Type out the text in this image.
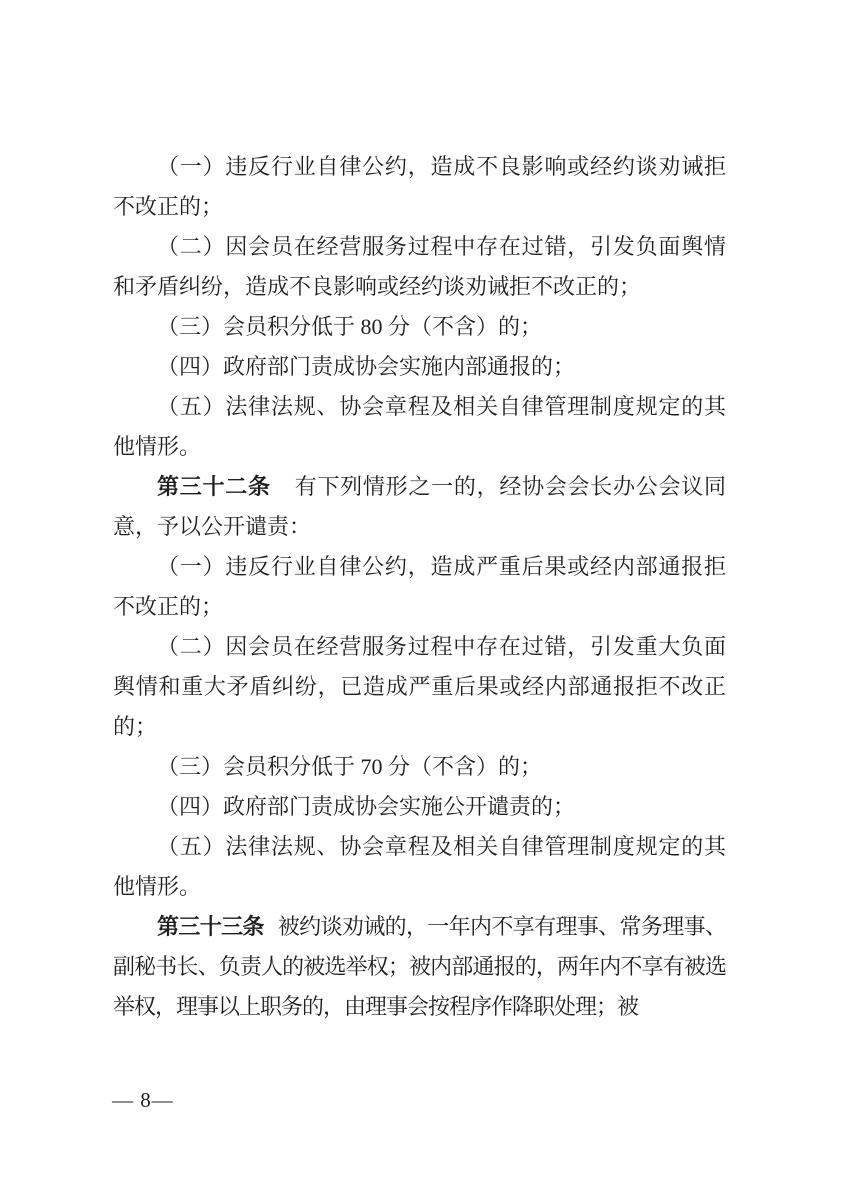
（一）违反行业自律公约，造成不良影响或经约谈劝诫拒不改正的；

（二）因会员在经营服务过程中存在过错，引发负面舆情和矛盾纠纷，造成不良影响或经约谈劝诫拒不改正的；

（三）会员积分低于 80 分（不含）的；

（四）政府部门责成协会实施内部通报的；

（五）法律法规、协会章程及相关自律管理制度规定的其他情形。

第三十二条 有下列情形之一的，经协会会长办公会议同意，予以公开谴责：

（一）违反行业自律公约，造成严重后果或经内部通报拒不改正的；

（二）因会员在经营服务过程中存在过错，引发重大负面舆情和重大矛盾纠纷，已造成严重后果或经内部通报拒不改正的；

（三）会员积分低于 70 分（不含）的；

（四）政府部门责成协会实施公开谴责的；

（五）法律法规、协会章程及相关自律管理制度规定的其他情形。

第三十三条 被约谈劝诫的，一年内不享有理事、常务理事、副秘书长、负责人的被选举权；被内部通报的，两年内不享有被选举权，理事以上职务的，由理事会按程序作降职处理；被

— 8—
